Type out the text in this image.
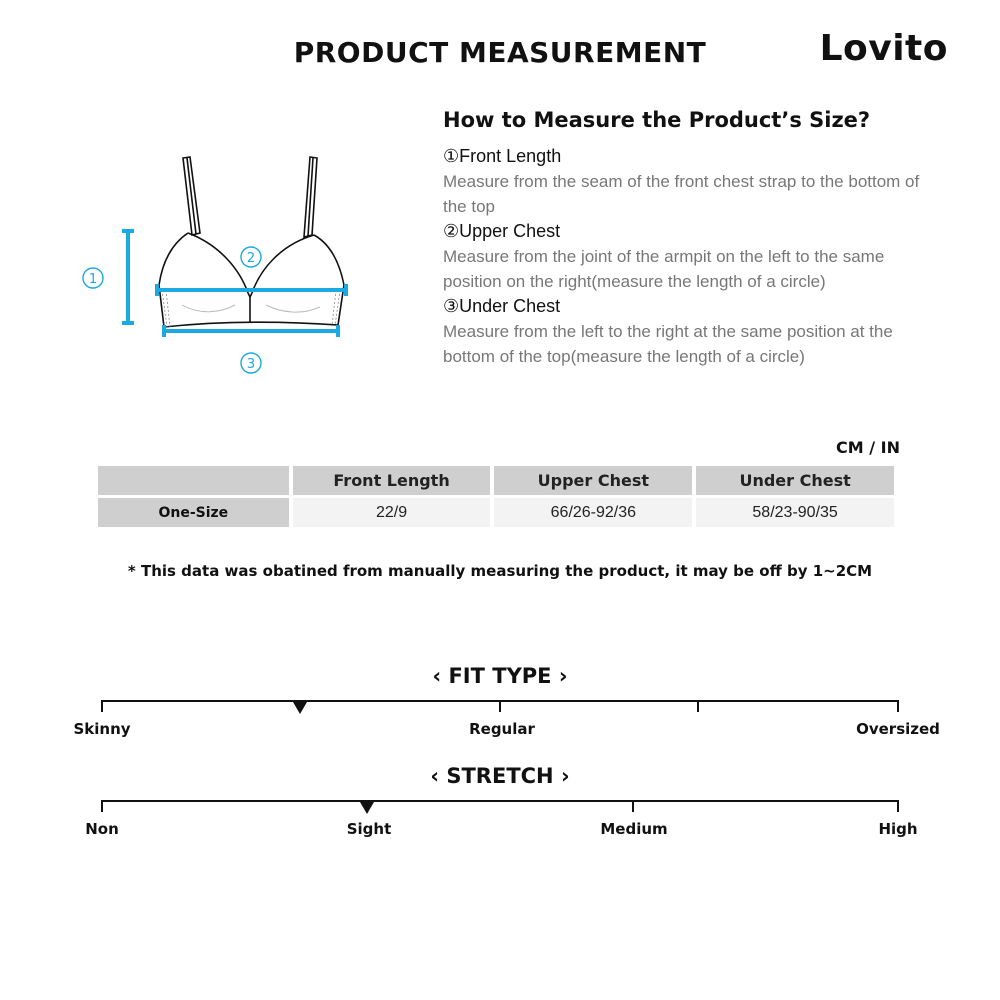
PRODUCT MEASUREMENT	Lovito
1
2
3
How to Measure the Product’s Size?
①Front Length
Measure from the seam of the front chest strap to the bottom of the top
②Upper Chest
Measure from the joint of the armpit on the left to the same position on the right(measure the length of a circle)
③Under Chest
Measure from the left to the right at the same position at the bottom of the top(measure the length of a circle)
CM / IN
	Front Length	Upper Chest	Under Chest
One-Size	22/9	66/26-92/36	58/23-90/35
* This data was obatined from manually measuring the product, it may be off by 1~2CM
‹ FIT TYPE ›
Skinny	Regular	Oversized
‹ STRETCH ›
Non	Sight	Medium	High
